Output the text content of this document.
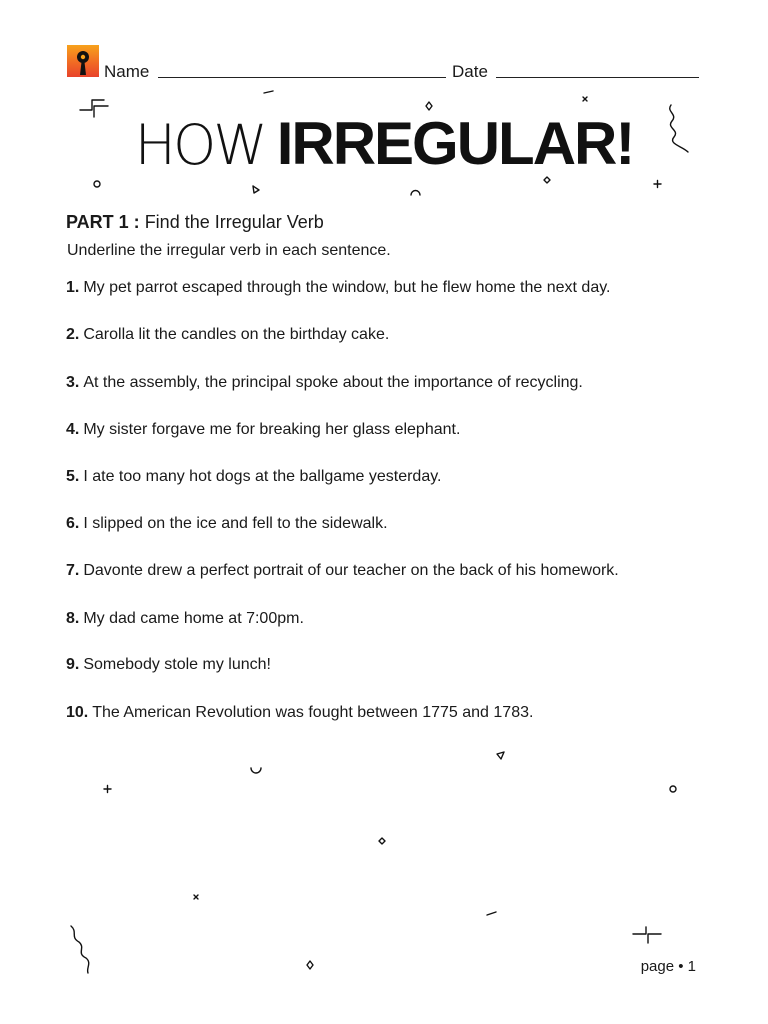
Name	Date
HOW IRREGULAR!
PART 1 : Find the Irregular Verb
Underline the irregular verb in each sentence.
1. My pet parrot escaped through the window, but he flew home the next day.
2. Carolla lit the candles on the birthday cake.
3. At the assembly, the principal spoke about the importance of recycling.
4. My sister forgave me for breaking her glass elephant.
5. I ate too many hot dogs at the ballgame yesterday.
6. I slipped on the ice and fell to the sidewalk.
7. Davonte drew a perfect portrait of our teacher on the back of his homework.
8. My dad came home at 7:00pm.
9. Somebody stole my lunch!
10. The American Revolution was fought between 1775 and 1783.
page • 1
